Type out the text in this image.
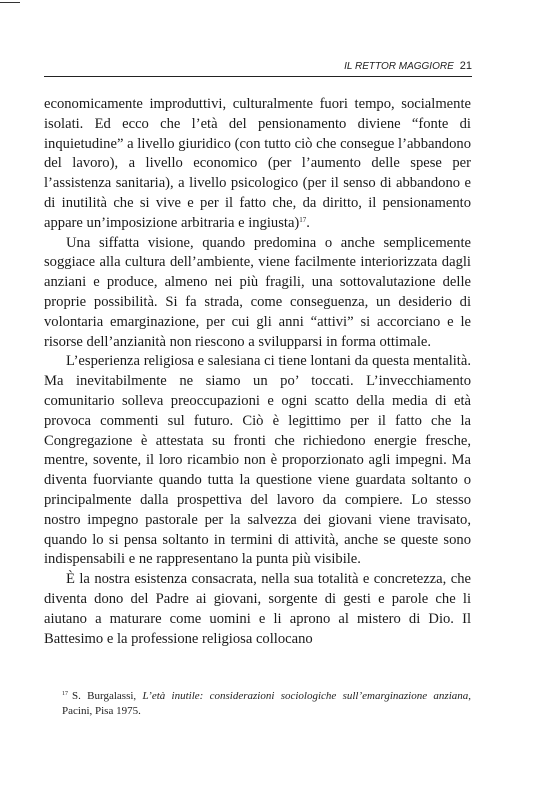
IL RETTOR MAGGIORE 21

economicamente improduttivi, culturalmente fuori tempo, socialmente isolati. Ed ecco che l’età del pensionamento diviene “fonte di inquietudine” a livello giuridico (con tutto ciò che consegue l’abbandono del lavoro), a livello economico (per l’aumento delle spese per l’assistenza sanitaria), a livello psicologico (per il senso di abbandono e di inutilità che si vive e per il fatto che, da diritto, il pensionamento appare un’imposizione arbitraria e ingiusta)$^{17}$.

Una siffatta visione, quando predomina o anche semplicemente soggiace alla cultura dell’ambiente, viene facilmente interiorizzata dagli anziani e produce, almeno nei più fragili, una sottovalutazione delle proprie possibilità. Si fa strada, come conseguenza, un desiderio di volontaria emarginazione, per cui gli anni “attivi” si accorciano e le risorse dell’anzianità non riescono a svilupparsi in forma ottimale.

L’esperienza religiosa e salesiana ci tiene lontani da questa mentalità. Ma inevitabilmente ne siamo un po’ toccati. L’invecchiamento comunitario solleva preoccupazioni e ogni scatto della media di età provoca commenti sul futuro. Ciò è legittimo per il fatto che la Congregazione è attestata su fronti che richiedono energie fresche, mentre, sovente, il loro ricambio non è proporzionato agli impegni. Ma diventa fuorviante quando tutta la questione viene guardata soltanto o principalmente dalla prospettiva del lavoro da compiere. Lo stesso nostro impegno pastorale per la salvezza dei giovani viene travisato, quando lo si pensa soltanto in termini di attività, anche se queste sono indispensabili e ne rappresentano la punta più visibile.

È la nostra esistenza consacrata, nella sua totalità e concretezza, che diventa dono del Padre ai giovani, sorgente di gesti e parole che li aiutano a maturare come uomini e li aprono al mistero di Dio. Il Battesimo e la professione religiosa collocano

$^{17}$ S. Burgalassi, L’età inutile: considerazioni sociologiche sull’emarginazione anziana, Pacini, Pisa 1975.
